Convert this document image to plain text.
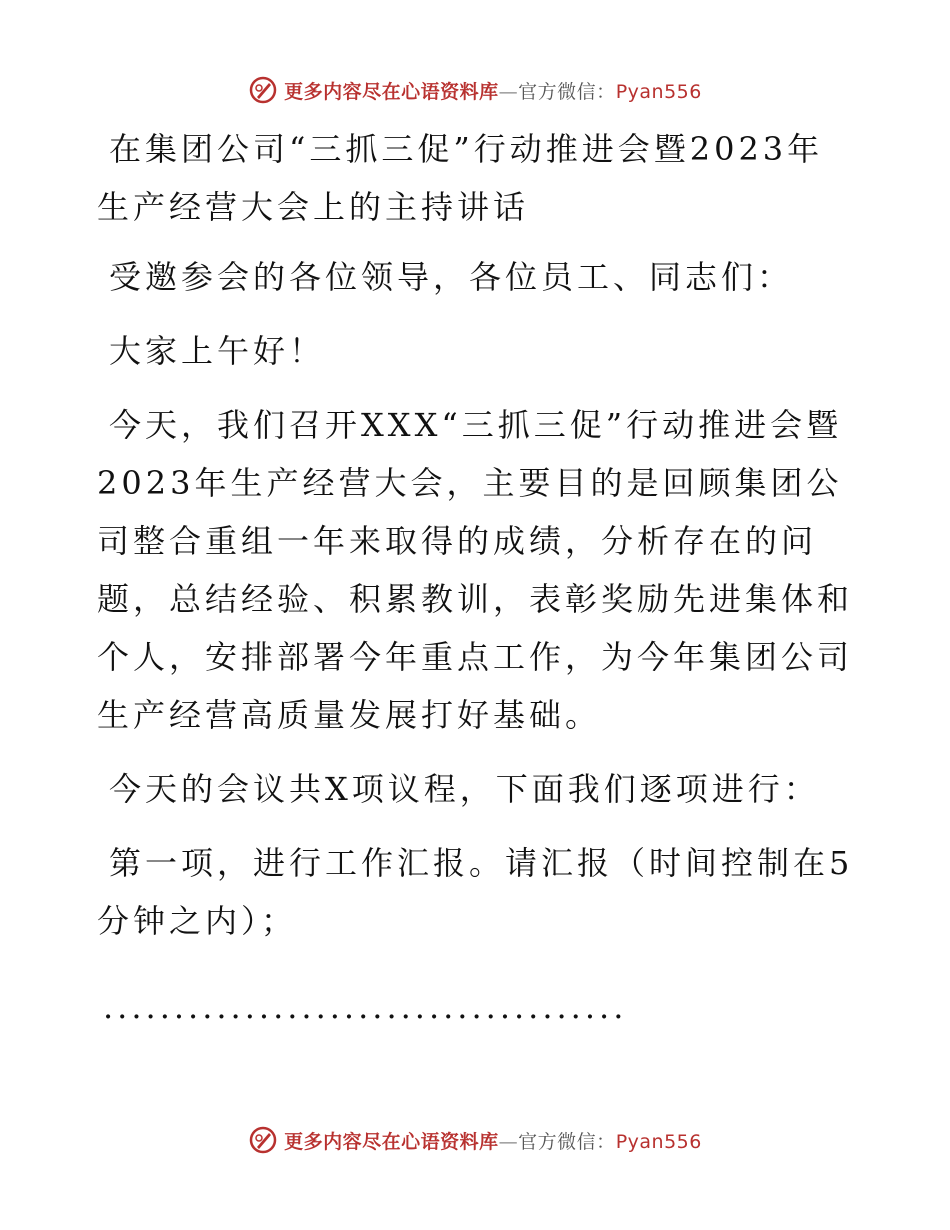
更多内容尽在心语资料库—官方微信：Pyan556

在集团公司“三抓三促”行动推进会暨2023年生产经营大会上的主持讲话

受邀参会的各位领导，各位员工、同志们：

大家上午好！

今天，我们召开XXX“三抓三促”行动推进会暨2023年生产经营大会，主要目的是回顾集团公司整合重组一年来取得的成绩，分析存在的问题，总结经验、积累教训，表彰奖励先进集体和个人，安排部署今年重点工作，为今年集团公司生产经营高质量发展打好基础。

今天的会议共X项议程，下面我们逐项进行：

第一项，进行工作汇报。请汇报（时间控制在5分钟之内）；

.....................................
更多内容尽在心语资料库—官方微信：Pyan556
